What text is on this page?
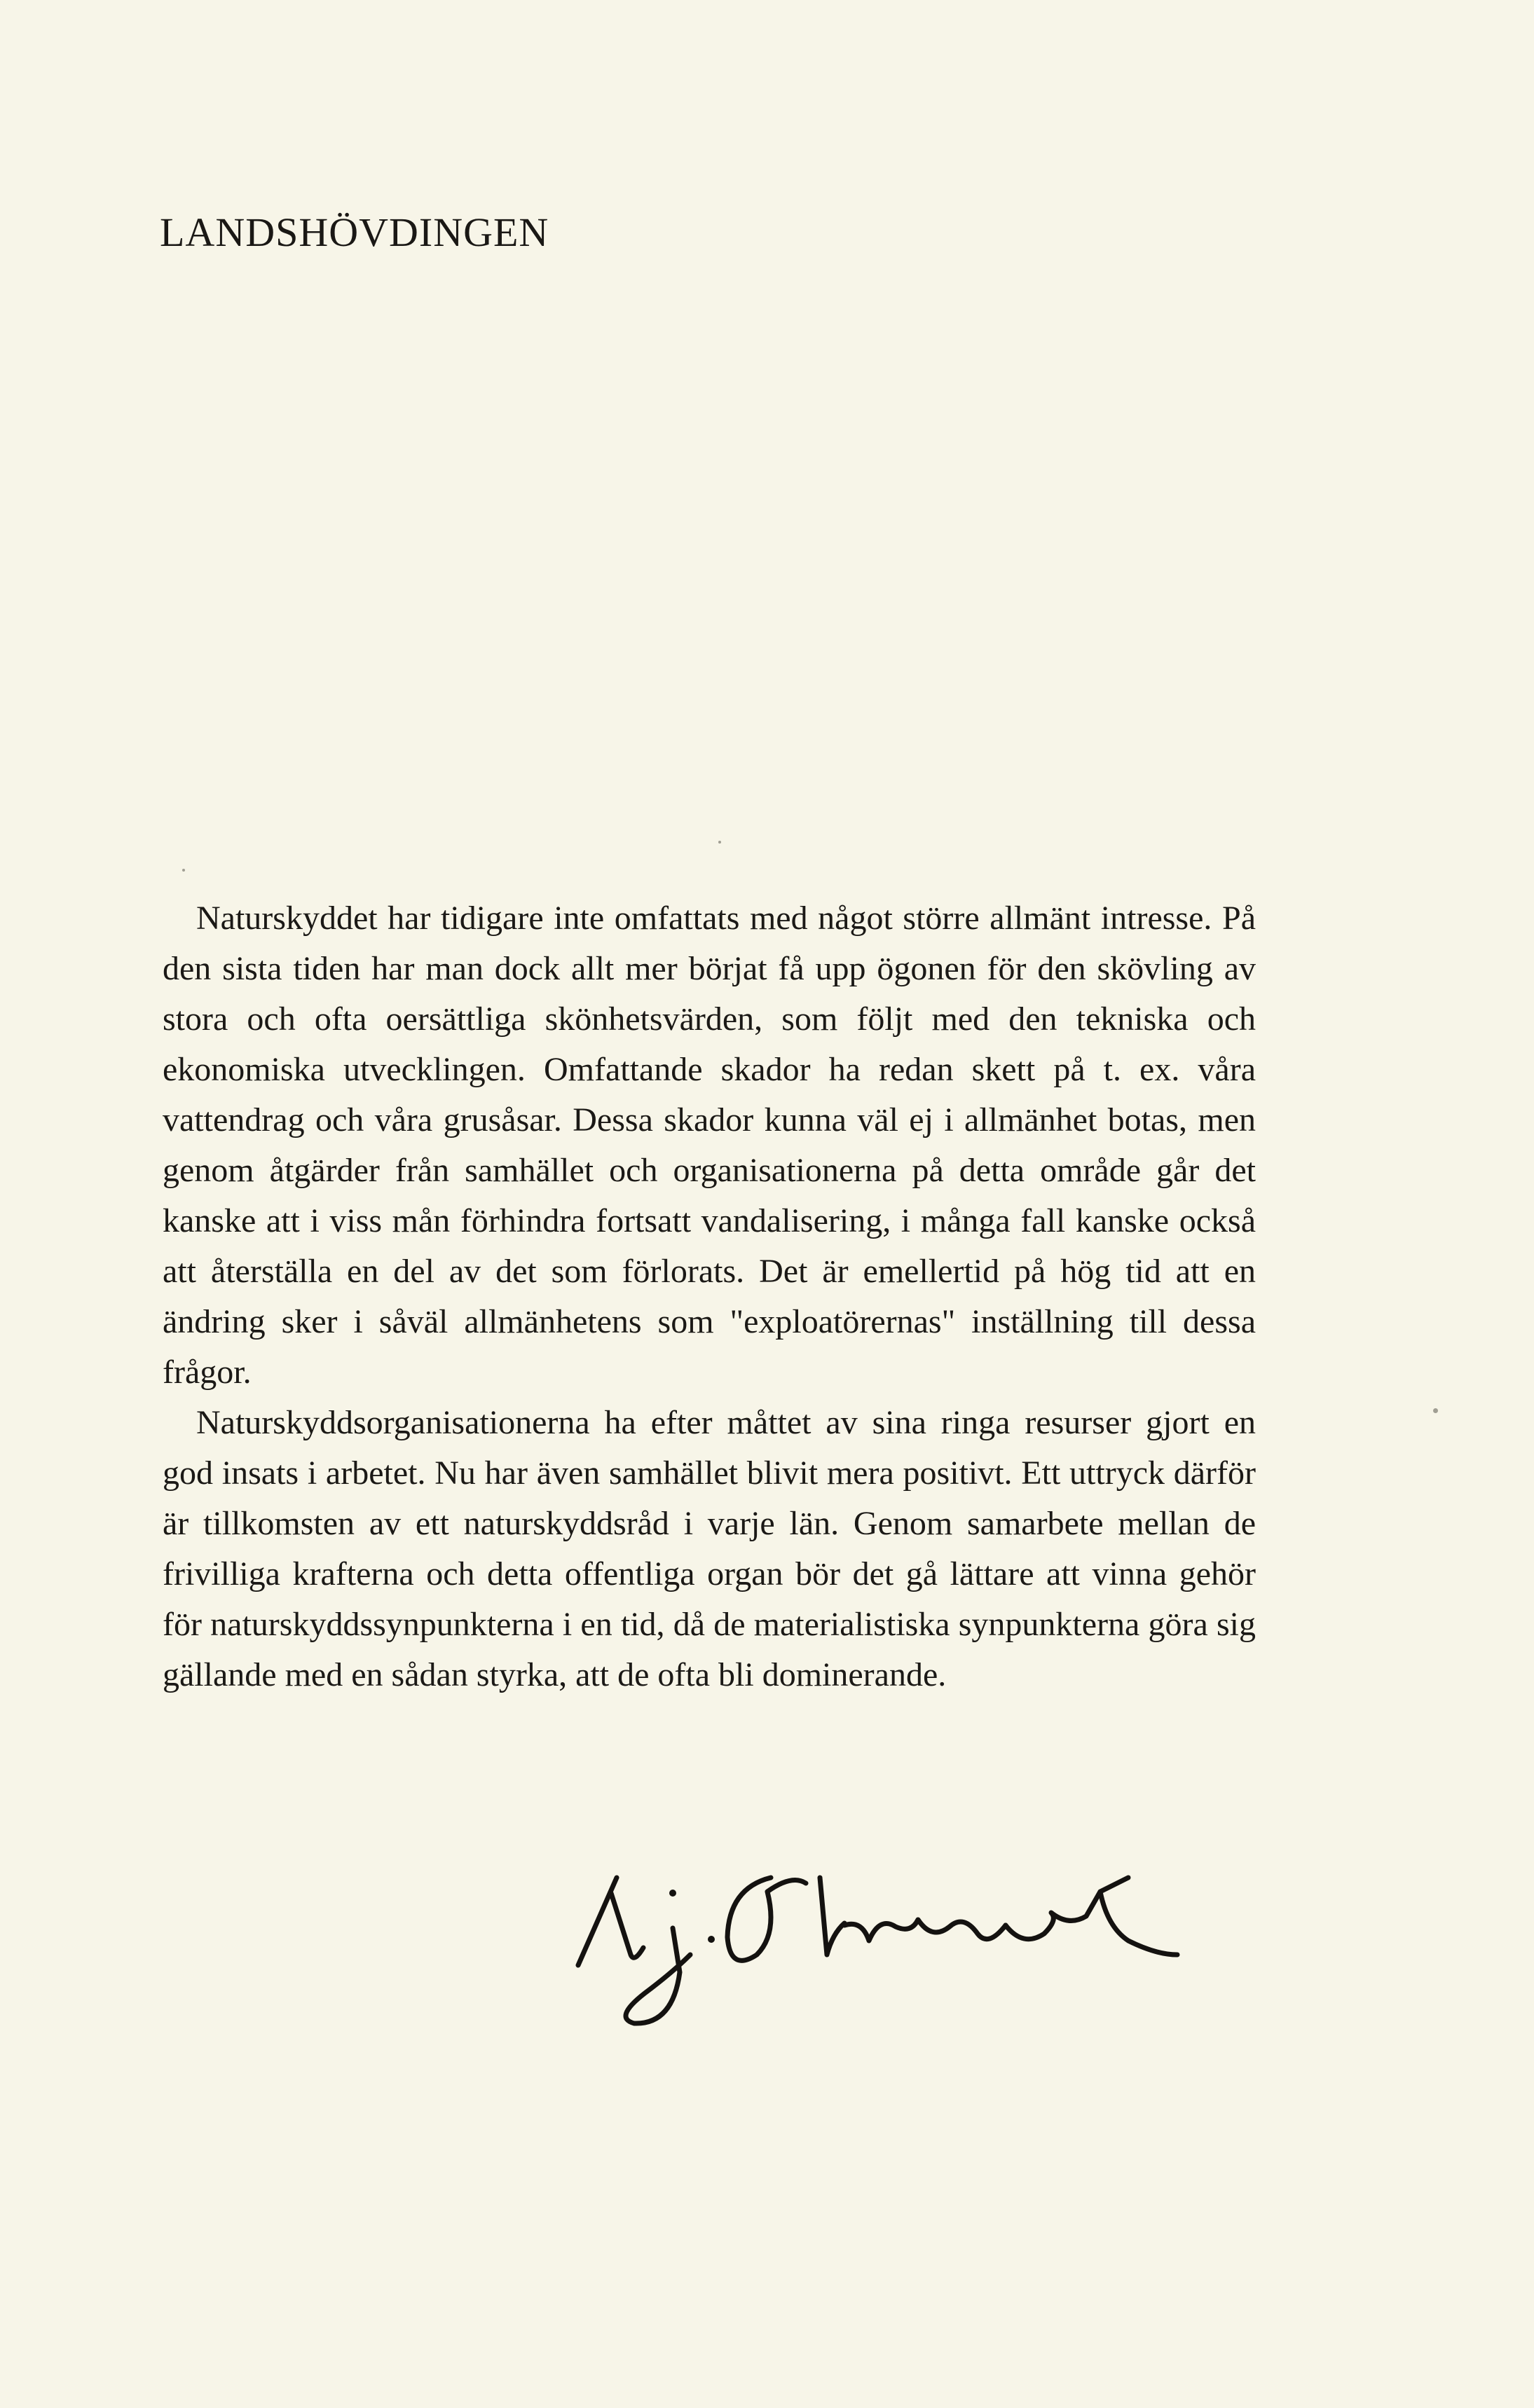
LANDSHÖVDINGEN

Naturskyddet har tidigare inte omfattats med något större allmänt intresse. På den sista tiden har man dock allt mer börjat få upp ögonen för den skövling av stora och ofta oersättliga skönhetsvärden, som följt med den tekniska och ekonomiska utvecklingen. Omfattande skador ha redan skett på t. ex. våra vattendrag och våra grusåsar. Dessa skador kunna väl ej i allmänhet botas, men genom åtgärder från samhället och organisationerna på detta område går det kanske att i viss mån förhindra fortsatt vandalisering, i många fall kanske också att återställa en del av det som förlorats. Det är emellertid på hög tid att en ändring sker i såväl allmänhetens som "exploatörernas" inställning till dessa frågor.

Naturskyddsorganisationerna ha efter måttet av sina ringa resurser gjort en god insats i arbetet. Nu har även samhället blivit mera positivt. Ett uttryck därför är tillkomsten av ett naturskyddsråd i varje län. Genom samarbete mellan de frivilliga krafterna och detta offentliga organ bör det gå lättare att vinna gehör för naturskyddssynpunkterna i en tid, då de materialistiska synpunkterna göra sig gällande med en sådan styrka, att de ofta bli dominerande.
